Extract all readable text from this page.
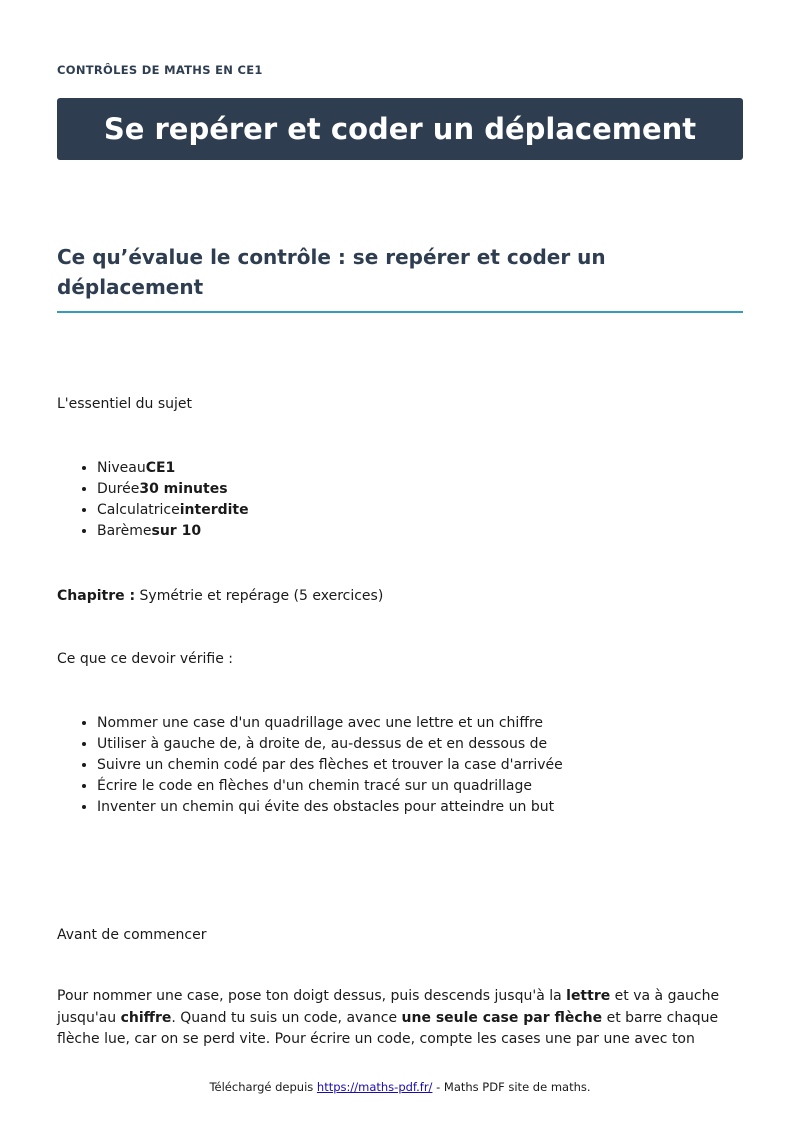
CONTRÔLES DE MATHS EN CE1
Se repérer et coder un déplacement
Ce qu’évalue le contrôle : se repérer et coder un déplacement

L'essentiel du sujet

• NiveauCE1
• Durée30 minutes
• Calculatriceinterdite
• Barèmesur 10

Chapitre : Symétrie et repérage (5 exercices)

Ce que ce devoir vérifie :

• Nommer une case d'un quadrillage avec une lettre et un chiffre
• Utiliser à gauche de, à droite de, au-dessus de et en dessous de
• Suivre un chemin codé par des flèches et trouver la case d'arrivée
• Écrire le code en flèches d'un chemin tracé sur un quadrillage
• Inventer un chemin qui évite des obstacles pour atteindre un but

Avant de commencer

Pour nommer une case, pose ton doigt dessus, puis descends jusqu'à la lettre et va à gauche jusqu'au chiffre. Quand tu suis un code, avance une seule case par flèche et barre chaque flèche lue, car on se perd vite. Pour écrire un code, compte les cases une par une avec ton

Téléchargé depuis https://maths-pdf.fr/ - Maths PDF site de maths.
